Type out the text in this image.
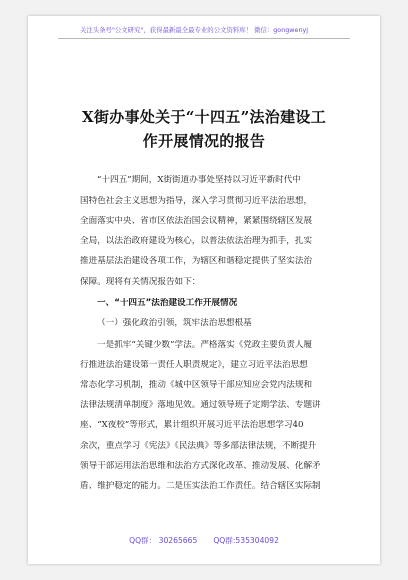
关注头条号"公文研究"，获得最新最全最专业的公文资料库！ 微信：gongwenyj
X街办事处关于“十四五”法治建设工
作开展情况的报告
“十四五”期间，X街街道办事处坚持以习近平新时代中
国特色社会主义思想为指导，深入学习贯彻习近平法治思想，
全面落实中央、省市区依法治国会议精神，紧紧围绕辖区发展
全局，以法治政府建设为核心，以普法依法治理为抓手，扎实
推进基层法治建设各项工作，为辖区和谐稳定提供了坚实法治
保障。现将有关情况报告如下：
一、“十四五”法治建设工作开展情况
（一）强化政治引领，筑牢法治思想根基
一是抓牢“关键少数”学法。严格落实《党政主要负责人履
行推进法治建设第一责任人职责规定》，建立习近平法治思想
常态化学习机制，推动《城中区领导干部应知应会党内法规和
法律法规清单制度》落地见效。通过领导班子定期学法、专题讲
座、“X夜校”等形式，累计组织开展习近平法治思想学习40
余次，重点学习《宪法》《民法典》等多部法律法规，不断提升
领导干部运用法治思维和法治方式深化改革、推动发展、化解矛
盾、维护稳定的能力。二是压实法治工作责任。结合辖区实际制
QQ群： 30265665 QQ群:535304092
